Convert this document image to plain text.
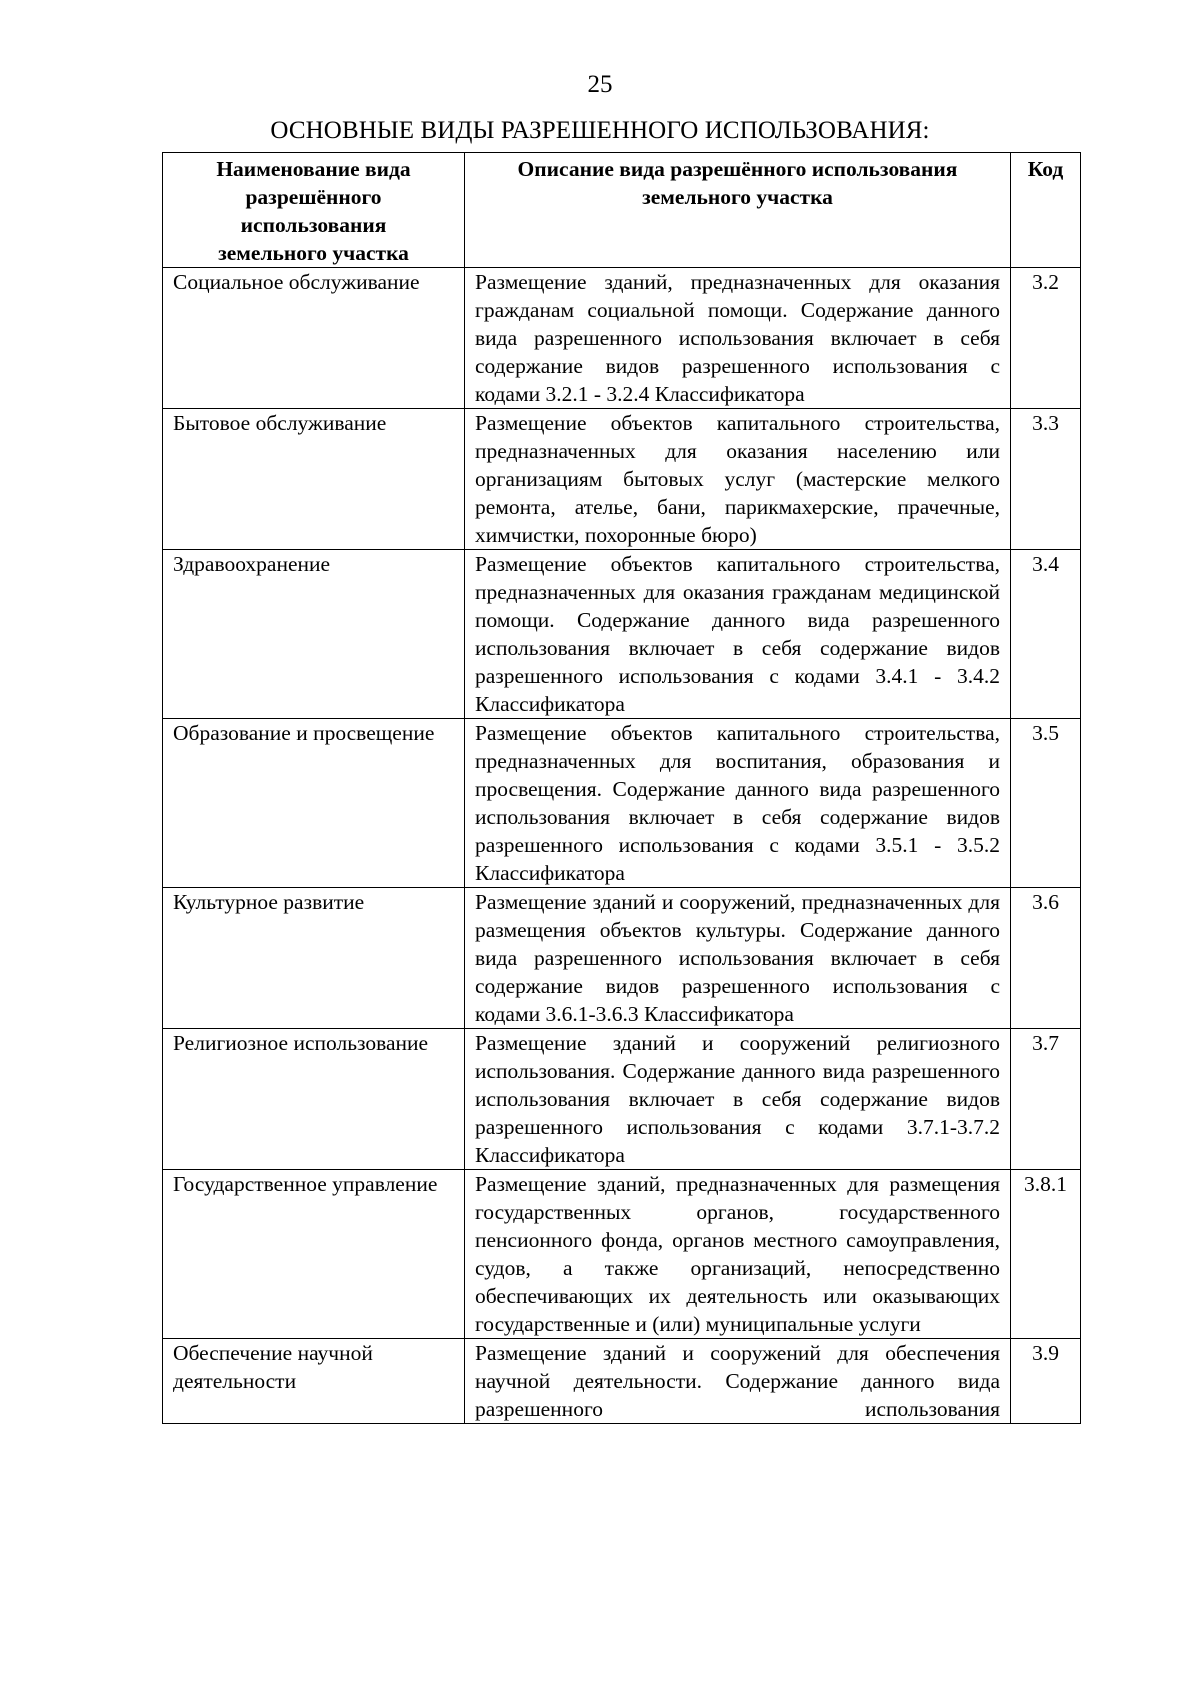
25
ОСНОВНЫЕ ВИДЫ РАЗРЕШЕННОГО ИСПОЛЬЗОВАНИЯ:
Наименование вида разрешённого использования земельного участка	Описание вида разрешённого использования земельного участка	Код
Социальное обслуживание	Размещение зданий, предназначенных для оказания гражданам социальной помощи. Содержание данного вида разрешенного использования включает в себя содержание видов разрешенного использования с кодами 3.2.1 - 3.2.4 Классификатора	3.2
Бытовое обслуживание	Размещение объектов капитального строительства, предназначенных для оказания населению или организациям бытовых услуг (мастерские мелкого ремонта, ателье, бани, парикмахерские, прачечные, химчистки, похоронные бюро)	3.3
Здравоохранение	Размещение объектов капитального строительства, предназначенных для оказания гражданам медицинской помощи. Содержание данного вида разрешенного использования включает в себя содержание видов разрешенного использования с кодами 3.4.1 - 3.4.2 Классификатора	3.4
Образование и просвещение	Размещение объектов капитального строительства, предназначенных для воспитания, образования и просвещения. Содержание данного вида разрешенного использования включает в себя содержание видов разрешенного использования с кодами 3.5.1 - 3.5.2 Классификатора	3.5
Культурное развитие	Размещение зданий и сооружений, предназначенных для размещения объектов культуры. Содержание данного вида разрешенного использования включает в себя содержание видов разрешенного использования с кодами 3.6.1-3.6.3 Классификатора	3.6
Религиозное использование	Размещение зданий и сооружений религиозного использования. Содержание данного вида разрешенного использования включает в себя содержание видов разрешенного использования с кодами 3.7.1-3.7.2 Классификатора	3.7
Государственное управление	Размещение зданий, предназначенных для размещения государственных органов, государственного пенсионного фонда, органов местного самоуправления, судов, а также организаций, непосредственно обеспечивающих их деятельность или оказывающих государственные и (или) муниципальные услуги	3.8.1
Обеспечение научной деятельности	Размещение зданий и сооружений для обеспечения научной деятельности. Содержание данного вида разрешенного использования	3.9
